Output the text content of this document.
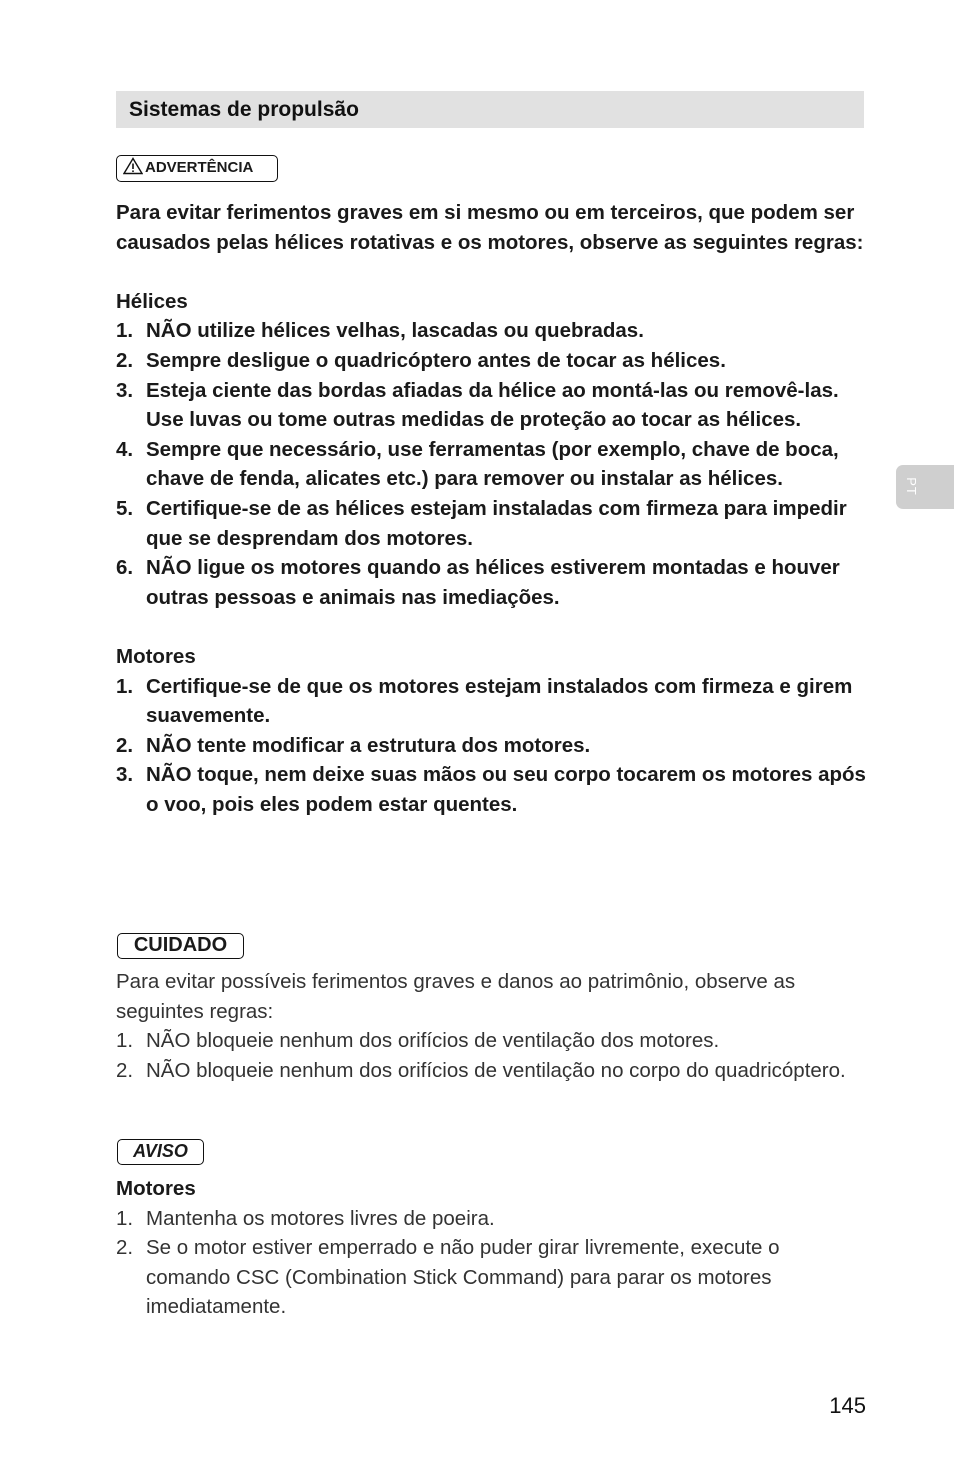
Sistemas de propulsão
PT
ADVERTÊNCIA

Para evitar ferimentos graves em si mesmo ou em terceiros, que podem ser causados pelas hélices rotativas e os motores, observe as seguintes regras:

Hélices

1. NÃO utilize hélices velhas, lascadas ou quebradas.
2. Sempre desligue o quadricóptero antes de tocar as hélices.
3. Esteja ciente das bordas afiadas da hélice ao montá-las ou removê-las. Use luvas ou tome outras medidas de proteção ao tocar as hélices.
4. Sempre que necessário, use ferramentas (por exemplo, chave de boca, chave de fenda, alicates etc.) para remover ou instalar as hélices.
5. Certifique-se de as hélices estejam instaladas com firmeza para impedir que se desprendam dos motores.
6. NÃO ligue os motores quando as hélices estiverem montadas e houver outras pessoas e animais nas imediações.

Motores

1. Certifique-se de que os motores estejam instalados com firmeza e girem suavemente.
2. NÃO tente modificar a estrutura dos motores.
3. NÃO toque, nem deixe suas mãos ou seu corpo tocarem os motores após o voo, pois eles podem estar quentes.
CUIDADO

Para evitar possíveis ferimentos graves e danos ao patrimônio, observe as seguintes regras:

1. NÃO bloqueie nenhum dos orifícios de ventilação dos motores.
2. NÃO bloqueie nenhum dos orifícios de ventilação no corpo do quadricóptero.
AVISO

Motores

1. Mantenha os motores livres de poeira.
2. Se o motor estiver emperrado e não puder girar livremente, execute o comando CSC (Combination Stick Command) para parar os motores imediatamente.
145
